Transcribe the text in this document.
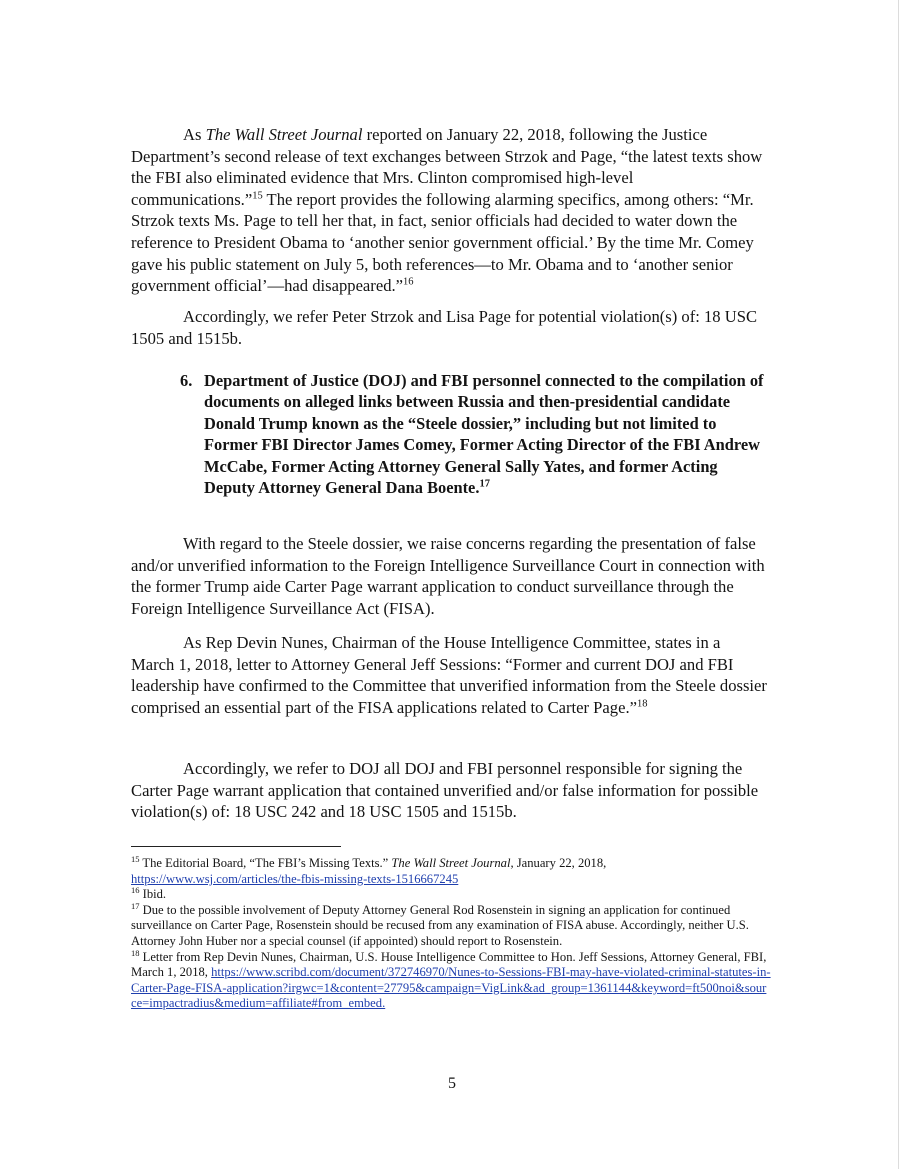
As The Wall Street Journal reported on January 22, 2018, following the Justice Department’s second release of text exchanges between Strzok and Page, “the latest texts show the FBI also eliminated evidence that Mrs. Clinton compromised high-level communications.”$^{15}$ The report provides the following alarming specifics, among others: “Mr. Strzok texts Ms. Page to tell her that, in fact, senior officials had decided to water down the reference to President Obama to ‘another senior government official.’ By the time Mr. Comey gave his public statement on July 5, both references—to Mr. Obama and to ‘another senior government official’—had disappeared.”$^{16}$

Accordingly, we refer Peter Strzok and Lisa Page for potential violation(s) of: 18 USC 1505 and 1515b.

6. Department of Justice (DOJ) and FBI personnel connected to the compilation of documents on alleged links between Russia and then-presidential candidate Donald Trump known as the “Steele dossier,” including but not limited to Former FBI Director James Comey, Former Acting Director of the FBI Andrew McCabe, Former Acting Attorney General Sally Yates, and former Acting Deputy Attorney General Dana Boente.$^{17}$

With regard to the Steele dossier, we raise concerns regarding the presentation of false and/or unverified information to the Foreign Intelligence Surveillance Court in connection with the former Trump aide Carter Page warrant application to conduct surveillance through the Foreign Intelligence Surveillance Act (FISA).

As Rep Devin Nunes, Chairman of the House Intelligence Committee, states in a March 1, 2018, letter to Attorney General Jeff Sessions: “Former and current DOJ and FBI leadership have confirmed to the Committee that unverified information from the Steele dossier comprised an essential part of the FISA applications related to Carter Page.”$^{18}$

Accordingly, we refer to DOJ all DOJ and FBI personnel responsible for signing the Carter Page warrant application that contained unverified and/or false information for possible violation(s) of: 18 USC 242 and 18 USC 1505 and 1515b.

$^{15}$ The Editorial Board, “The FBI’s Missing Texts.” The Wall Street Journal, January 22, 2018,
https://www.wsj.com/articles/the-fbis-missing-texts-1516667245

$^{16}$ Ibid.

$^{17}$ Due to the possible involvement of Deputy Attorney General Rod Rosenstein in signing an application for continued surveillance on Carter Page, Rosenstein should be recused from any examination of FISA abuse. Accordingly, neither U.S. Attorney John Huber nor a special counsel (if appointed) should report to Rosenstein.

$^{18}$ Letter from Rep Devin Nunes, Chairman, U.S. House Intelligence Committee to Hon. Jeff Sessions, Attorney General, FBI, March 1, 2018, https://www.scribd.com/document/372746970/Nunes-to-Sessions-FBI-may-have-violated-criminal-statutes-in-Carter-Page-FISA-application?irgwc=1&content=27795&campaign=VigLink&ad_group=1361144&keyword=ft500noi&source=impactradius&medium=affiliate#from_embed.

5
